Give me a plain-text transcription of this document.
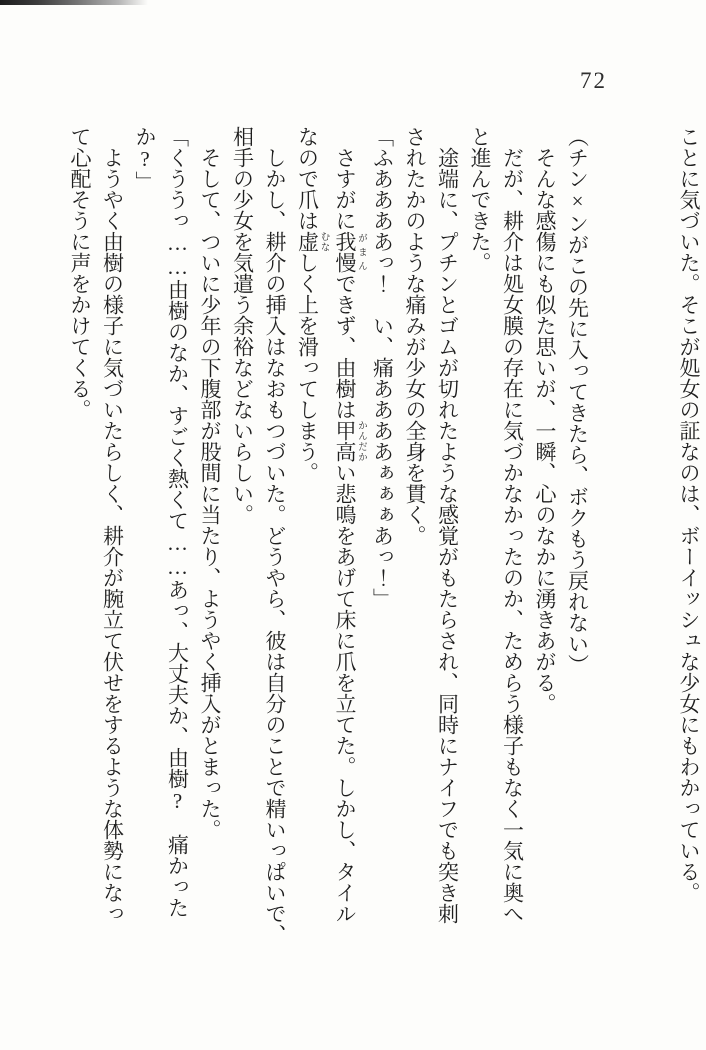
72

ことに気づいた。そこが処女の証なのは、ボーイッシュな少女にもわかっている。

（チン×ンがこの先に入ってきたら、ボクもう戻れない）

そんな感傷にも似た思いが、一瞬、心のなかに湧きあがる。

だが、耕介は処女膜の存在に気づかなかったのか、ためらう様子もなく一気に奥へ

と進んできた。

途端に、プチンとゴムが切れたような感覚がもたらされ、同時にナイフでも突き刺

されたかのような痛みが少女の全身を貫く。

「ふああああっ！　い、痛ああああぁぁぁあっ！」

さすがに我慢 がまんできず、由樹は甲高 かんだかい悲鳴をあげて床に爪を立てた。しかし、タイル

なので爪は虚 むなしく上を滑ってしまう。

しかし、耕介の挿入はなおもつづいた。どうやら、彼は自分のことで精いっぱいで、

相手の少女を気遣う余裕などないらしい。

そして、ついに少年の下腹部が股間に当たり、ようやく挿入がとまった。

「くううっ……由樹のなか、すごく熱くて……あっ、大丈夫か、由樹?　痛かった

か?」

ようやく由樹の様子に気づいたらしく、耕介が腕立て伏せをするような体勢になっ

て心配そうに声をかけてくる。
